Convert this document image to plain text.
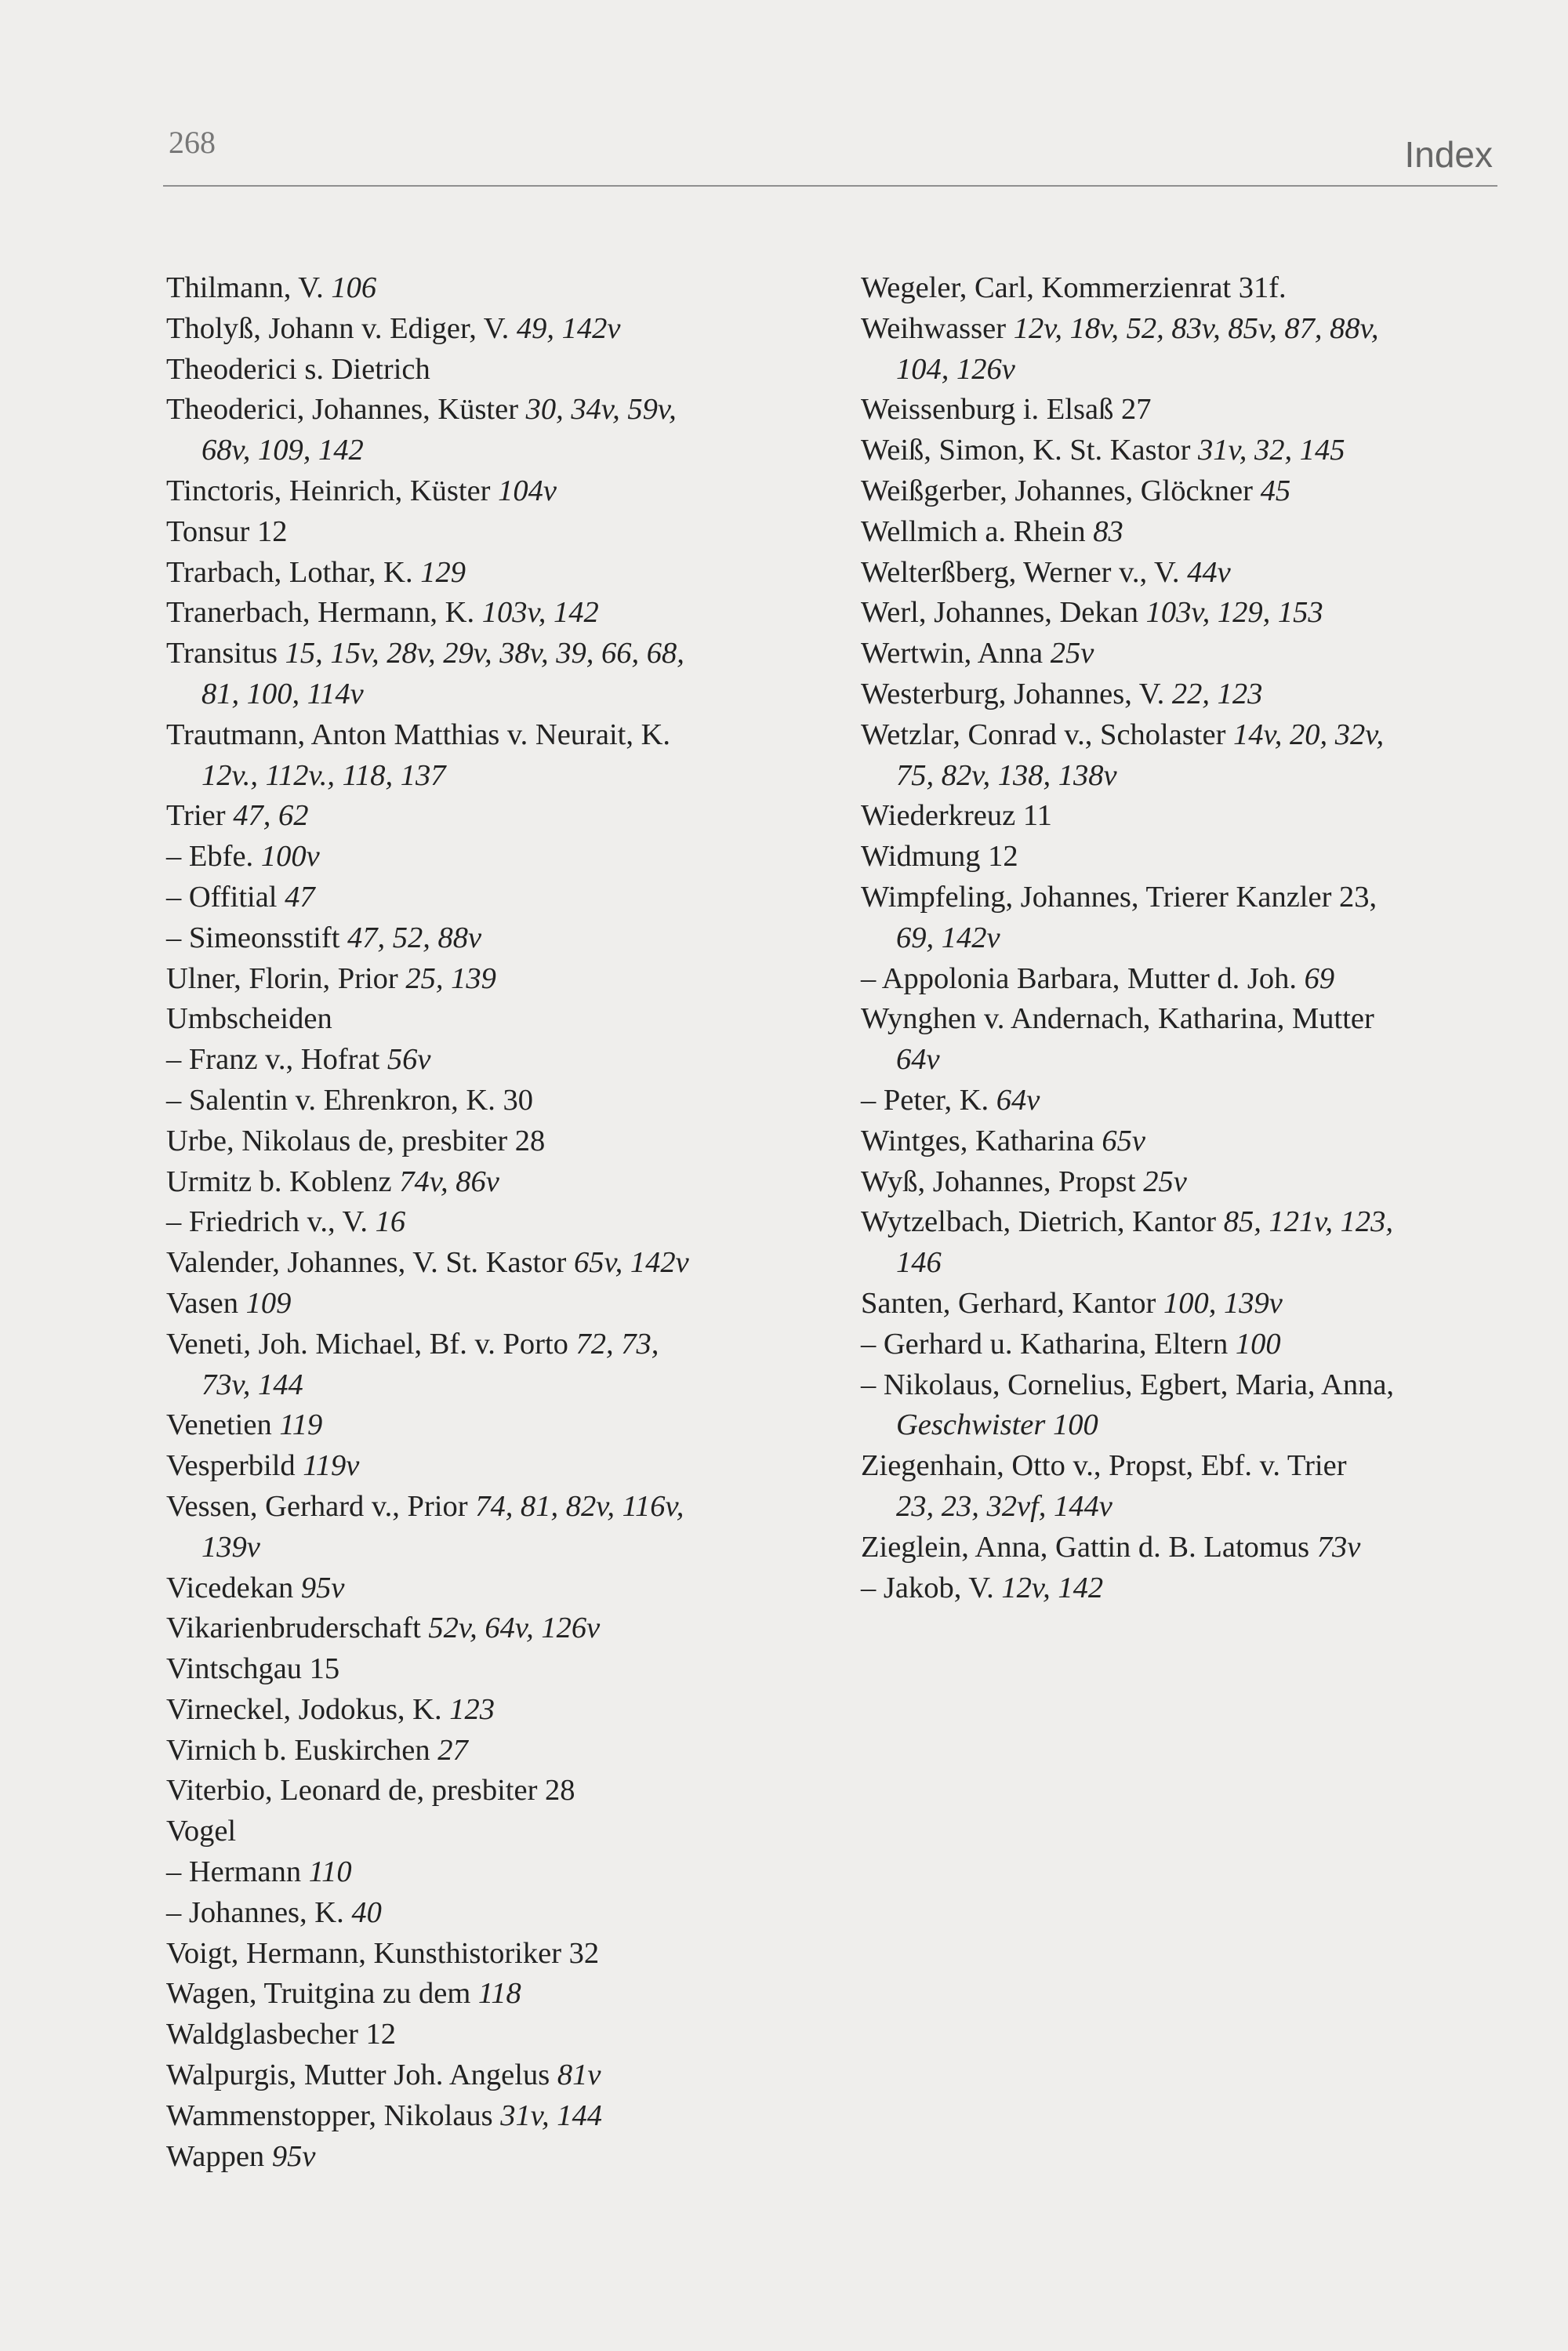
268	Index
Thilmann, V. 106
Tholyß, Johann v. Ediger, V. 49, 142v
Theoderici s. Dietrich
Theoderici, Johannes, Küster 30, 34v, 59v,
68v, 109, 142
Tinctoris, Heinrich, Küster 104v
Tonsur 12
Trarbach, Lothar, K. 129
Tranerbach, Hermann, K. 103v, 142
Transitus 15, 15v, 28v, 29v, 38v, 39, 66, 68,
81, 100, 114v
Trautmann, Anton Matthias v. Neurait, K.
12v., 112v., 118, 137
Trier 47, 62
– Ebfe. 100v
– Offitial 47
– Simeonsstift 47, 52, 88v
Ulner, Florin, Prior 25, 139
Umbscheiden
– Franz v., Hofrat 56v
– Salentin v. Ehrenkron, K. 30
Urbe, Nikolaus de, presbiter 28
Urmitz b. Koblenz 74v, 86v
– Friedrich v., V. 16
Valender, Johannes, V. St. Kastor 65v, 142v
Vasen 109
Veneti, Joh. Michael, Bf. v. Porto 72, 73,
73v, 144
Venetien 119
Vesperbild 119v
Vessen, Gerhard v., Prior 74, 81, 82v, 116v,
139v
Vicedekan 95v
Vikarienbruderschaft 52v, 64v, 126v
Vintschgau 15
Virneckel, Jodokus, K. 123
Virnich b. Euskirchen 27
Viterbio, Leonard de, presbiter 28
Vogel
– Hermann 110
– Johannes, K. 40
Voigt, Hermann, Kunsthistoriker 32
Wagen, Truitgina zu dem 118
Waldglasbecher 12
Walpurgis, Mutter Joh. Angelus 81v
Wammenstopper, Nikolaus 31v, 144
Wappen 95v
Wegeler, Carl, Kommerzienrat 31f.
Weihwasser 12v, 18v, 52, 83v, 85v, 87, 88v,
104, 126v
Weissenburg i. Elsaß 27
Weiß, Simon, K. St. Kastor 31v, 32, 145
Weißgerber, Johannes, Glöckner 45
Wellmich a. Rhein 83
Welterßberg, Werner v., V. 44v
Werl, Johannes, Dekan 103v, 129, 153
Wertwin, Anna 25v
Westerburg, Johannes, V. 22, 123
Wetzlar, Conrad v., Scholaster 14v, 20, 32v,
75, 82v, 138, 138v
Wiederkreuz 11
Widmung 12
Wimpfeling, Johannes, Trierer Kanzler 23,
69, 142v
– Appolonia Barbara, Mutter d. Joh. 69
Wynghen v. Andernach, Katharina, Mutter
64v
– Peter, K. 64v
Wintges, Katharina 65v
Wyß, Johannes, Propst 25v
Wytzelbach, Dietrich, Kantor 85, 121v, 123,
146
Santen, Gerhard, Kantor 100, 139v
– Gerhard u. Katharina, Eltern 100
– Nikolaus, Cornelius, Egbert, Maria, Anna,
Geschwister 100
Ziegenhain, Otto v., Propst, Ebf. v. Trier
23, 23, 32vf, 144v
Zieglein, Anna, Gattin d. B. Latomus 73v
– Jakob, V. 12v, 142
